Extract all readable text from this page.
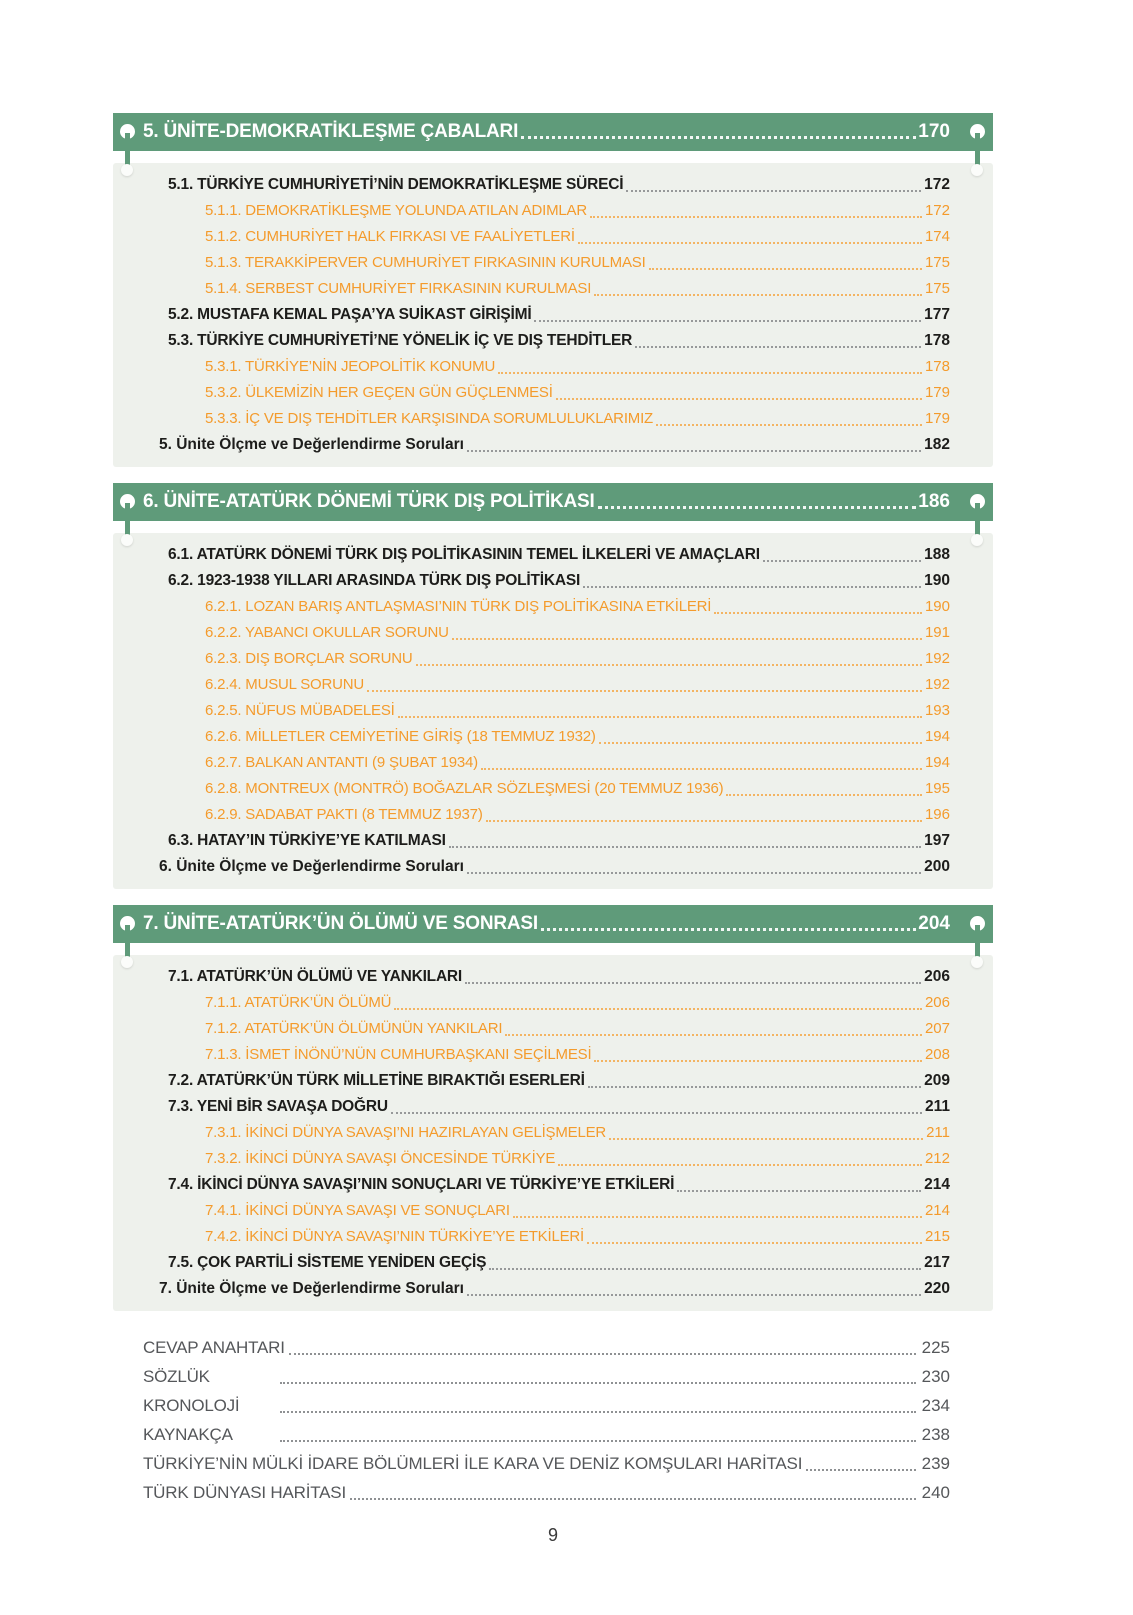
5. ÜNİTE-DEMOKRATİKLEŞME ÇABALARI	170
5.1. TÜRKİYE CUMHURİYETİ’NİN DEMOKRATİKLEŞME SÜRECİ	172
5.1.1. DEMOKRATİKLEŞME YOLUNDA ATILAN ADIMLAR	172
5.1.2. CUMHURİYET HALK FIRKASI VE FAALİYETLERİ	174
5.1.3. TERAKKİPERVER CUMHURİYET FIRKASININ KURULMASI	175
5.1.4. SERBEST CUMHURİYET FIRKASININ KURULMASI	175
5.2. MUSTAFA KEMAL PAŞA’YA SUİKAST GİRİŞİMİ	177
5.3. TÜRKİYE CUMHURİYETİ’NE YÖNELİK İÇ VE DIŞ TEHDİTLER	178
5.3.1. TÜRKİYE’NİN JEOPOLİTİK KONUMU	178
5.3.2. ÜLKEMİZİN HER GEÇEN GÜN GÜÇLENMESİ	179
5.3.3. İÇ VE DIŞ TEHDİTLER KARŞISINDA SORUMLULUKLARIMIZ	179
5. Ünite Ölçme ve Değerlendirme Soruları	182
6. ÜNİTE-ATATÜRK DÖNEMİ TÜRK DIŞ POLİTİKASI	186
6.1. ATATÜRK DÖNEMİ TÜRK DIŞ POLİTİKASININ TEMEL İLKELERİ VE AMAÇLARI	188
6.2. 1923-1938 YILLARI ARASINDA TÜRK DIŞ POLİTİKASI	190
6.2.1. LOZAN BARIŞ ANTLAŞMASI’NIN TÜRK DIŞ POLİTİKASINA ETKİLERİ	190
6.2.2. YABANCI OKULLAR SORUNU	191
6.2.3. DIŞ BORÇLAR SORUNU	192
6.2.4. MUSUL SORUNU	192
6.2.5. NÜFUS MÜBADELESİ	193
6.2.6. MİLLETLER CEMİYETİNE GİRİŞ (18 TEMMUZ 1932)	194
6.2.7. BALKAN ANTANTI (9 ŞUBAT 1934)	194
6.2.8. MONTREUX (MONTRÖ) BOĞAZLAR SÖZLEŞMESİ (20 TEMMUZ 1936)	195
6.2.9. SADABAT PAKTI (8 TEMMUZ 1937)	196
6.3. HATAY’IN TÜRKİYE’YE KATILMASI	197
6. Ünite Ölçme ve Değerlendirme Soruları	200
7. ÜNİTE-ATATÜRK’ÜN ÖLÜMÜ VE SONRASI	204
7.1. ATATÜRK’ÜN ÖLÜMÜ VE YANKILARI	206
7.1.1. ATATÜRK’ÜN ÖLÜMÜ	206
7.1.2. ATATÜRK’ÜN ÖLÜMÜNÜN YANKILARI	207
7.1.3. İSMET İNÖNÜ’NÜN CUMHURBAŞKANI SEÇİLMESİ	208
7.2. ATATÜRK’ÜN TÜRK MİLLETİNE BIRAKTIĞI ESERLERİ	209
7.3. YENİ BİR SAVAŞA DOĞRU	211
7.3.1. İKİNCİ DÜNYA SAVAŞI’NI HAZIRLAYAN GELİŞMELER	211
7.3.2. İKİNCİ DÜNYA SAVAŞI ÖNCESİNDE TÜRKİYE	212
7.4. İKİNCİ DÜNYA SAVAŞI’NIN SONUÇLARI VE TÜRKİYE’YE ETKİLERİ	214
7.4.1. İKİNCİ DÜNYA SAVAŞI VE SONUÇLARI	214
7.4.2. İKİNCİ DÜNYA SAVAŞI’NIN TÜRKİYE’YE ETKİLERİ	215
7.5. ÇOK PARTİLİ SİSTEME YENİDEN GEÇİŞ	217
7. Ünite Ölçme ve Değerlendirme Soruları	220
CEVAP ANAHTARI	225
SÖZLÜK	230
KRONOLOJİ	234
KAYNAKÇA	238
TÜRKİYE’NİN MÜLKİ İDARE BÖLÜMLERİ İLE KARA VE DENİZ KOMŞULARI HARİTASI	239
TÜRK DÜNYASI HARİTASI	240
9
